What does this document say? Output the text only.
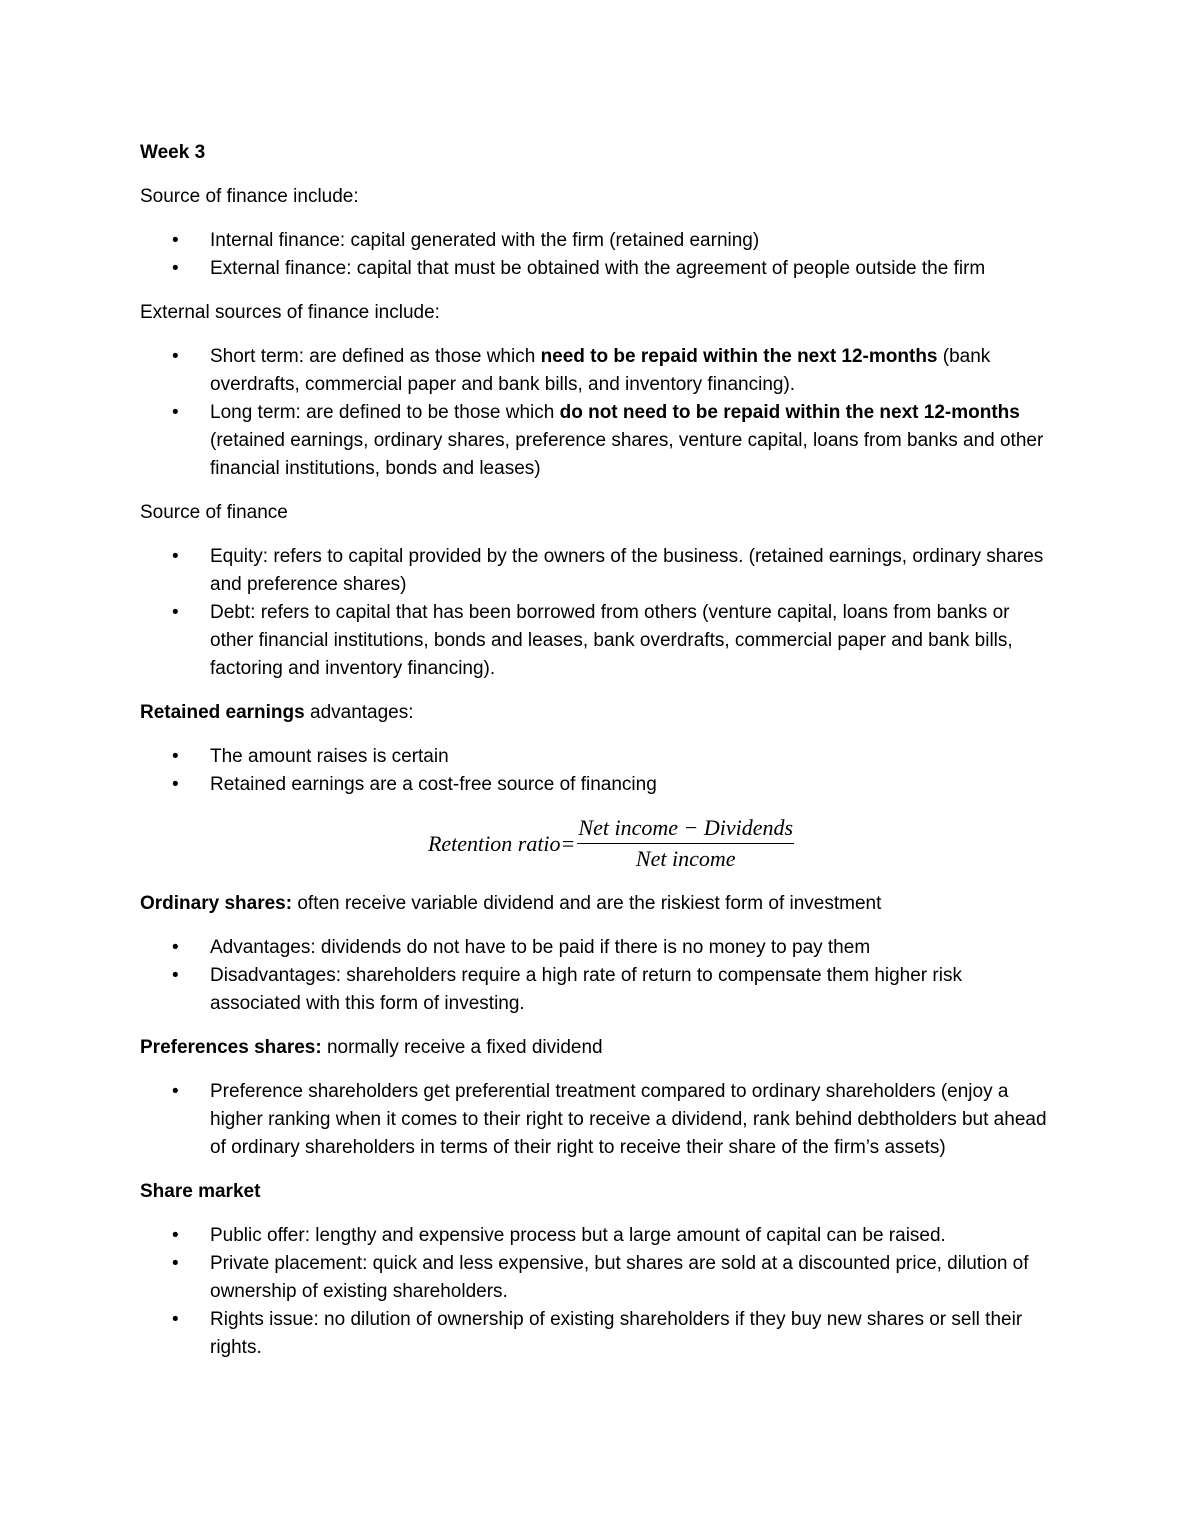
Week 3

Source of finance include:

• Internal finance: capital generated with the firm (retained earning)
• External finance: capital that must be obtained with the agreement of people outside the firm

External sources of finance include:

• Short term: are defined as those which need to be repaid within the next 12-months (bank overdrafts, commercial paper and bank bills, and inventory financing).
• Long term: are defined to be those which do not need to be repaid within the next 12-months (retained earnings, ordinary shares, preference shares, venture capital, loans from banks and other financial institutions, bonds and leases)

Source of finance

• Equity: refers to capital provided by the owners of the business. (retained earnings, ordinary shares and preference shares)
• Debt: refers to capital that has been borrowed from others (venture capital, loans from banks or other financial institutions, bonds and leases, bank overdrafts, commercial paper and bank bills, factoring and inventory financing).

Retained earnings advantages:

• The amount raises is certain
• Retained earnings are a cost-free source of financing
Retention ratio = $\frac{\text{Net income − Dividends}}{\text{Net income}}$

Ordinary shares: often receive variable dividend and are the riskiest form of investment

• Advantages: dividends do not have to be paid if there is no money to pay them
• Disadvantages: shareholders require a high rate of return to compensate them higher risk associated with this form of investing.

Preferences shares: normally receive a fixed dividend

• Preference shareholders get preferential treatment compared to ordinary shareholders (enjoy a higher ranking when it comes to their right to receive a dividend, rank behind debtholders but ahead of ordinary shareholders in terms of their right to receive their share of the firm’s assets)

Share market

• Public offer: lengthy and expensive process but a large amount of capital can be raised.
• Private placement: quick and less expensive, but shares are sold at a discounted price, dilution of ownership of existing shareholders.
• Rights issue: no dilution of ownership of existing shareholders if they buy new shares or sell their rights.
